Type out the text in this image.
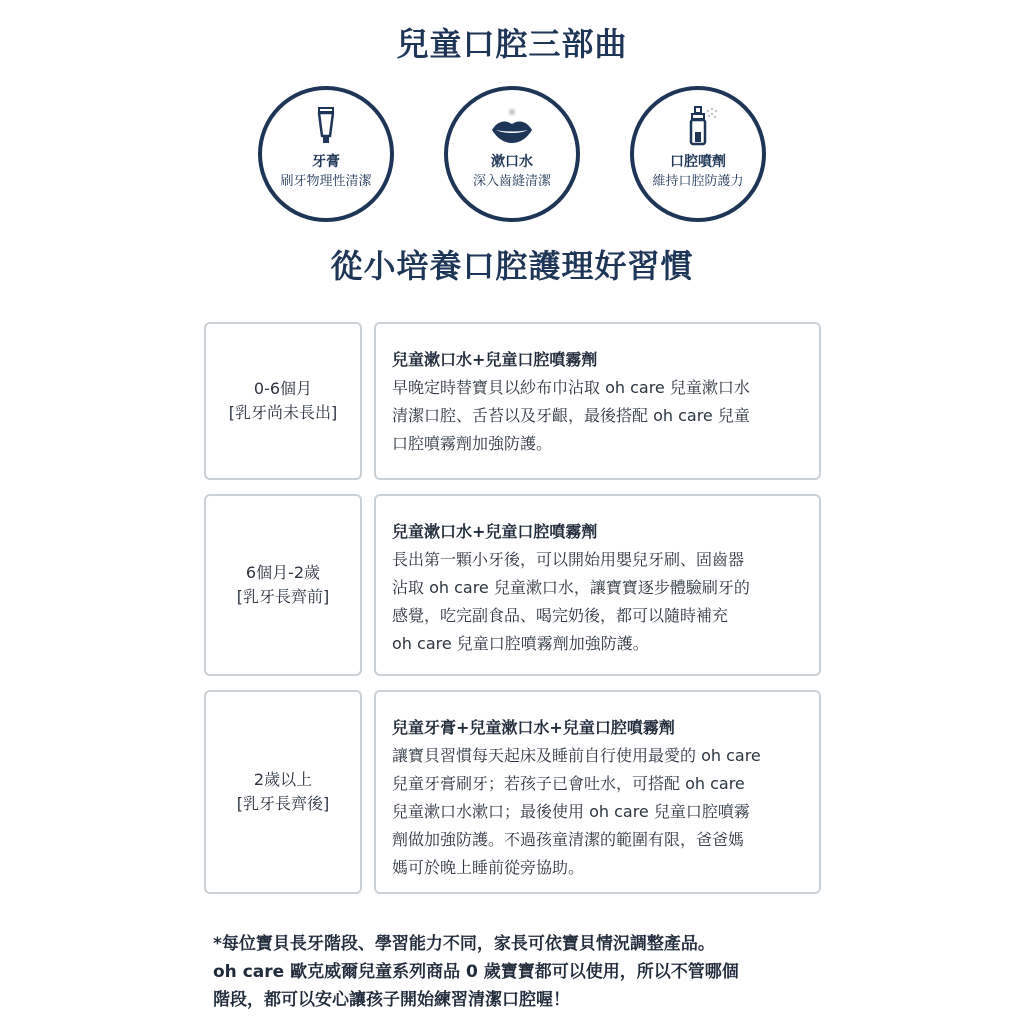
兒童口腔三部曲
牙膏
刷牙物理性清潔
漱口水
深入齒縫清潔
口腔噴劑
維持口腔防護力
從小培養口腔護理好習慣
0-6個月
[乳牙尚未長出]
兒童漱口水+兒童口腔噴霧劑
早晚定時替寶貝以紗布巾沾取 oh care 兒童漱口水
清潔口腔、舌苔以及牙齦，最後搭配 oh care 兒童
口腔噴霧劑加強防護。
6個月-2歲
[乳牙長齊前]
兒童漱口水+兒童口腔噴霧劑
長出第一顆小牙後，可以開始用嬰兒牙刷、固齒器
沾取 oh care 兒童漱口水，讓寶寶逐步體驗刷牙的
感覺，吃完副食品、喝完奶後，都可以隨時補充
oh care 兒童口腔噴霧劑加強防護。
2歲以上
[乳牙長齊後]
兒童牙膏+兒童漱口水+兒童口腔噴霧劑
讓寶貝習慣每天起床及睡前自行使用最愛的 oh care
兒童牙膏刷牙；若孩子已會吐水，可搭配 oh care
兒童漱口水漱口；最後使用 oh care 兒童口腔噴霧
劑做加強防護。不過孩童清潔的範圍有限，爸爸媽
媽可於晚上睡前從旁協助。
*每位寶貝長牙階段、學習能力不同，家長可依寶貝情況調整產品。
oh care 歐克威爾兒童系列商品 0 歲寶寶都可以使用，所以不管哪個
階段，都可以安心讓孩子開始練習清潔口腔喔！
